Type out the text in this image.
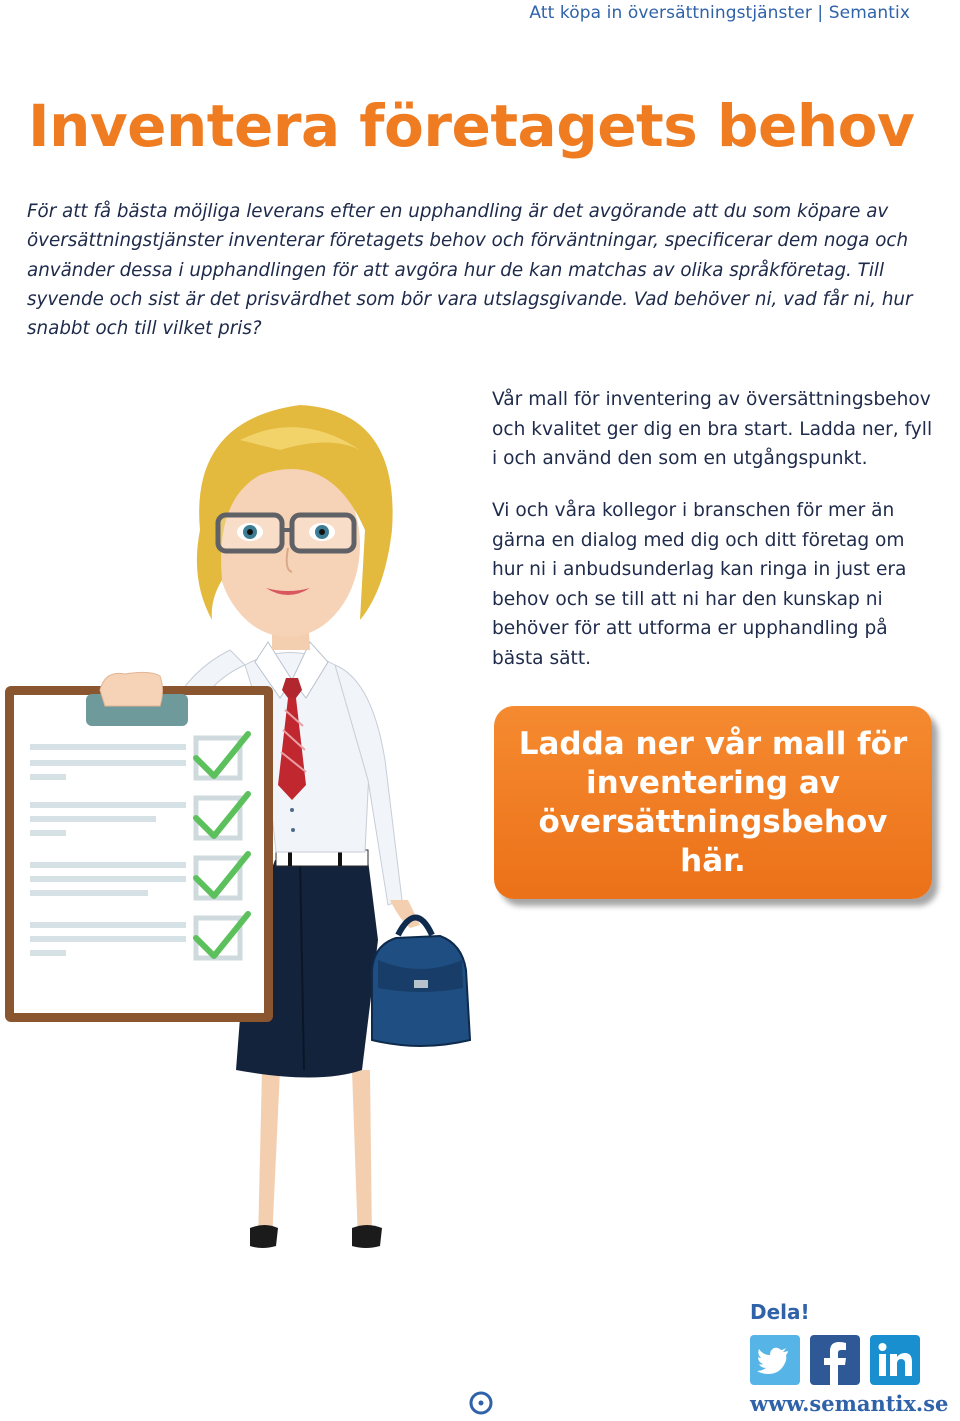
Att köpa in översättningstjänster | Semantix
Inventera företagets behov

För att få bästa möjliga leverans efter en upphandling är det avgörande att du som köpare av översättningstjänster inventerar företagets behov och förväntningar, specificerar dem noga och använder dessa i upphandlingen för att avgöra hur de kan matchas av olika språkföretag. Till syvende och sist är det prisvärdhet som bör vara utslagsgivande. Vad behöver ni, vad får ni, hur snabbt och till vilket pris?

Vår mall för inventering av översättningsbehov och kvalitet ger dig en bra start. Ladda ner, fyll i och använd den som en utgångspunkt.

Vi och våra kollegor i branschen för mer än gärna en dialog med dig och ditt företag om hur ni i anbudsunderlag kan ringa in just era behov och se till att ni har den kunskap ni behöver för att utforma er upphandling på bästa sätt.

Ladda ner vår mall för inventering av översättningsbehov här.
Dela!
www.semantix.se
